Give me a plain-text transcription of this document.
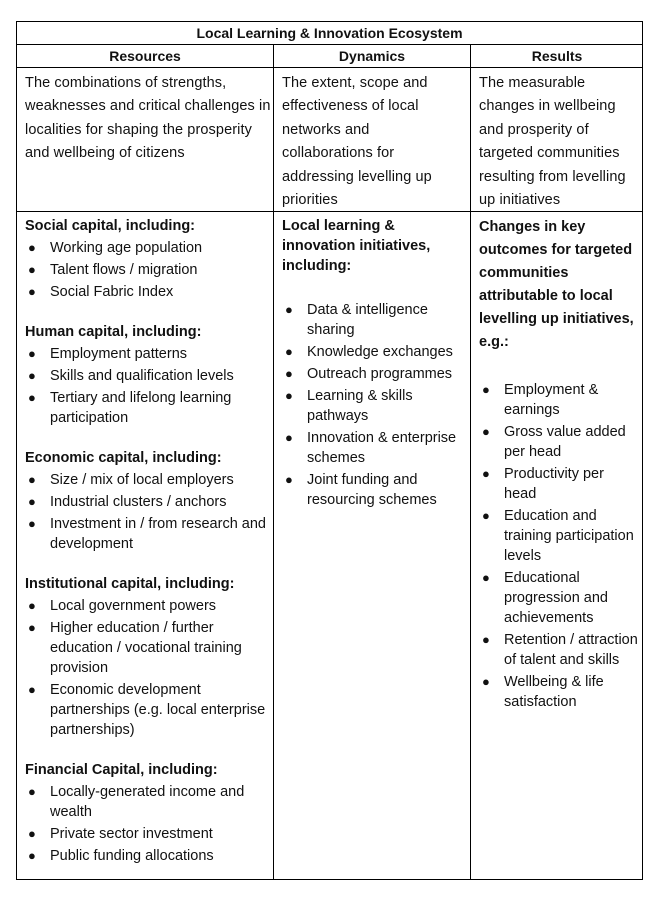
Local Learning & Innovation Ecosystem
Resources	Dynamics	Results
The combinations of strengths, weaknesses and critical challenges in localities for shaping the prosperity and wellbeing of citizens
The extent, scope and effectiveness of local networks and collaborations for addressing levelling up priorities
The measurable changes in wellbeing and prosperity of targeted communities resulting from levelling up initiatives

Social capital, including:

● Working age population
● Talent flows / migration
● Social Fabric Index

Human capital, including:

● Employment patterns
● Skills and qualification levels
● Tertiary and lifelong learning participation

Economic capital, including:

● Size / mix of local employers
● Industrial clusters / anchors
● Investment in / from research and development

Institutional capital, including:

● Local government powers
● Higher education / further education / vocational training provision
● Economic development partnerships (e.g. local enterprise partnerships)

Financial Capital, including:

● Locally-generated income and wealth
● Private sector investment
● Public funding allocations

Local learning & innovation initiatives, including:

● Data & intelligence sharing
● Knowledge exchanges
● Outreach programmes
● Learning & skills pathways
● Innovation & enterprise schemes
● Joint funding and resourcing schemes

Changes in key outcomes for targeted communities attributable to local levelling up initiatives, e.g.:

● Employment & earnings
● Gross value added per head
● Productivity per head
● Education and training participation levels
● Educational progression and achievements
● Retention / attraction of talent and skills
● Wellbeing & life satisfaction
